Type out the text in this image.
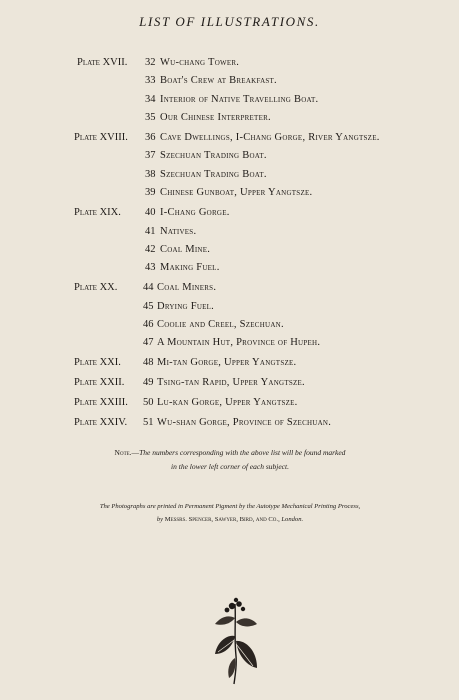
LIST OF ILLUSTRATIONS.
Plate XVII. 32 Wu-chang Tower.
33 Boat's Crew at Breakfast.
34 Interior of Native Travelling Boat.
35 Our Chinese Interpreter.
Plate XVIII. 36 Cave Dwellings, I-Chang Gorge, River Yangtsze.
37 Szechuan Trading Boat.
38 Szechuan Trading Boat.
39 Chinese Gunboat, Upper Yangtsze.
Plate XIX. 40 I-Chang Gorge.
41 Natives.
42 Coal Mine.
43 Making Fuel.
Plate XX. 44 Coal Miners.
45 Drying Fuel.
46 Coolie and Creel, Szechuan.
47 A Mountain Hut, Province of Hupeh.
Plate XXI. 48 Mi-tan Gorge, Upper Yangtsze.
Plate XXII. 49 Tsing-tan Rapid, Upper Yangtsze.
Plate XXIII. 50 Lu-kan Gorge, Upper Yangtsze.
Plate XXIV. 51 Wu-shan Gorge, Province of Szechuan.
Note.—The numbers corresponding with the above list will be found marked
in the lower left corner of each subject.
The Photographs are printed in Permanent Pigment by the Autotype Mechanical Printing Process,
by Messrs. Spencer, Sawyer, Bird, and Co., London.
